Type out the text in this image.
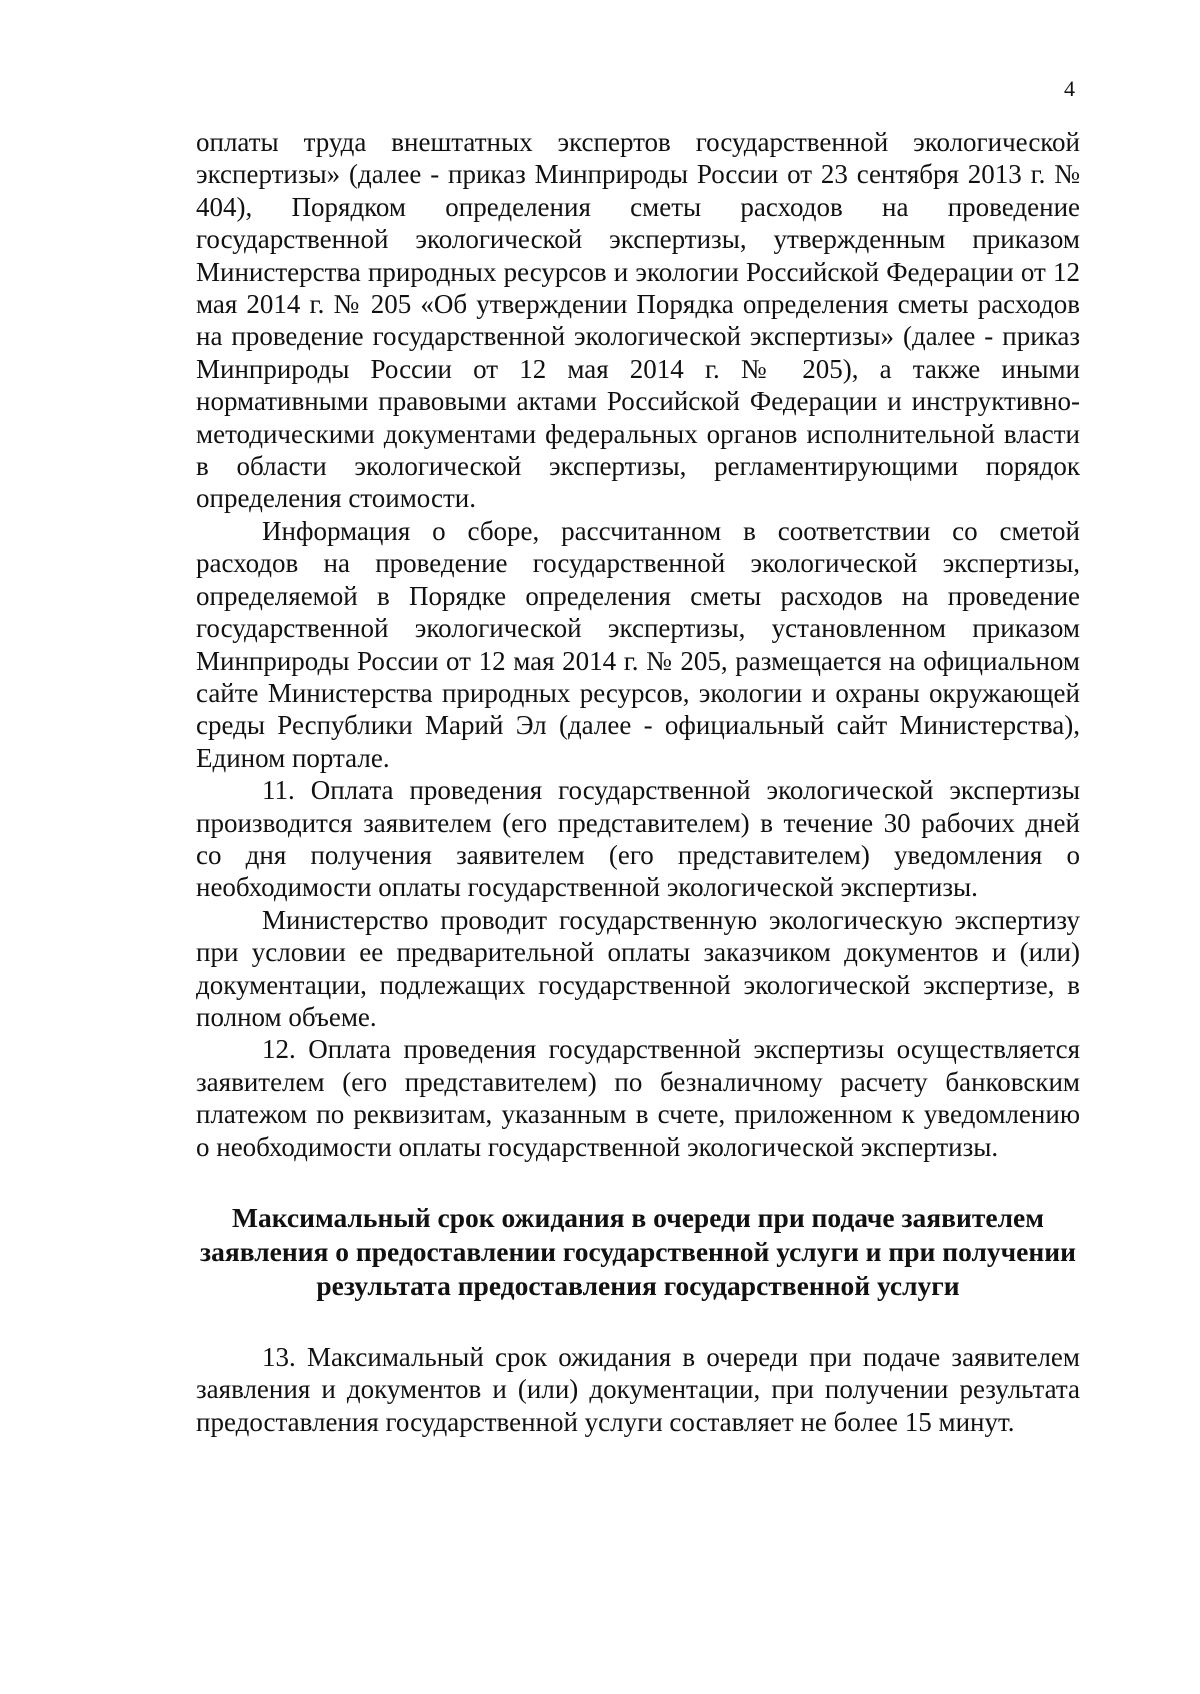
4

оплаты труда внештатных экспертов государственной экологической экспертизы» (далее - приказ Минприроды России от 23 сентября 2013 г. № 404), Порядком определения сметы расходов на проведение государственной экологической экспертизы, утвержденным приказом Министерства природных ресурсов и экологии Российской Федерации от 12 мая 2014 г. № 205 «Об утверждении Порядка определения сметы расходов на проведение государственной экологической экспертизы» (далее - приказ Минприроды России от 12 мая 2014 г. № 205), а также иными нормативными правовыми актами Российской Федерации и инструктивно-методическими документами федеральных органов исполнительной власти в области экологической экспертизы, регламентирующими порядок определения стоимости.

Информация о сборе, рассчитанном в соответствии со сметой расходов на проведение государственной экологической экспертизы, определяемой в Порядке определения сметы расходов на проведение государственной экологической экспертизы, установленном приказом Минприроды России от 12 мая 2014 г. № 205, размещается на официальном сайте Министерства природных ресурсов, экологии и охраны окружающей среды Республики Марий Эл (далее - официальный сайт Министерства), Едином портале.

11. Оплата проведения государственной экологической экспертизы производится заявителем (его представителем) в течение 30 рабочих дней со дня получения заявителем (его представителем) уведомления о необходимости оплаты государственной экологической экспертизы.

Министерство проводит государственную экологическую экспертизу при условии ее предварительной оплаты заказчиком документов и (или) документации, подлежащих государственной экологической экспертизе, в полном объеме.

12. Оплата проведения государственной экспертизы осуществляется заявителем (его представителем) по безналичному расчету банковским платежом по реквизитам, указанным в счете, приложенном к уведомлению о необходимости оплаты государственной экологической экспертизы.

Максимальный срок ожидания в очереди при подаче заявителем заявления о предоставлении государственной услуги и при получении результата предоставления государственной услуги

13. Максимальный срок ожидания в очереди при подаче заявителем заявления и документов и (или) документации, при получении результата предоставления государственной услуги составляет не более 15 минут.
